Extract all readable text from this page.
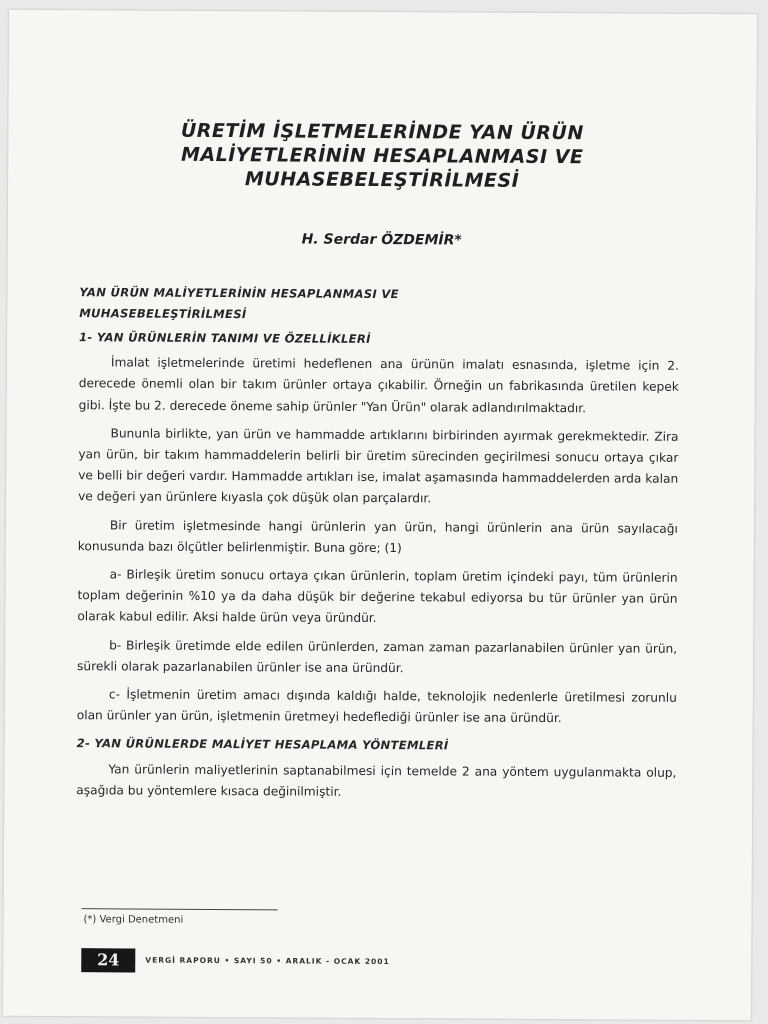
ÜRETİM İŞLETMELERİNDE YAN ÜRÜN
MALİYETLERİNİN HESAPLANMASI VE
MUHASEBELEŞTİRİLMESİ
H. Serdar ÖZDEMİR*
YAN ÜRÜN MALİYETLERİNİN HESAPLANMASI VE
MUHASEBELEŞTİRİLMESİ
1- YAN ÜRÜNLERİN TANIMI VE ÖZELLİKLERİ

İmalat işletmelerinde üretimi hedeflenen ana ürünün imalatı esnasında, işletme için 2. derecede önemli olan bir takım ürünler ortaya çıkabilir. Örneğin un fabrikasında üretilen kepek gibi. İşte bu 2. derecede öneme sahip ürünler "Yan Ürün" olarak adlandırılmaktadır.

Bununla birlikte, yan ürün ve hammadde artıklarını birbirinden ayırmak gerekmektedir. Zira yan ürün, bir takım hammaddelerin belirli bir üretim sürecinden geçirilmesi sonucu ortaya çıkar ve belli bir değeri vardır. Hammadde artıkları ise, imalat aşamasında hammaddelerden arda kalan ve değeri yan ürünlere kıyasla çok düşük olan parçalardır.

Bir üretim işletmesinde hangi ürünlerin yan ürün, hangi ürünlerin ana ürün sayılacağı konusunda bazı ölçütler belirlenmiştir. Buna göre; (1)

a- Birleşik üretim sonucu ortaya çıkan ürünlerin, toplam üretim içindeki payı, tüm ürünlerin toplam değerinin %10 ya da daha düşük bir değerine tekabul ediyorsa bu tür ürünler yan ürün olarak kabul edilir. Aksi halde ürün veya üründür.

b- Birleşik üretimde elde edilen ürünlerden, zaman zaman pazarlanabilen ürünler yan ürün, sürekli olarak pazarlanabilen ürünler ise ana üründür.

c- İşletmenin üretim amacı dışında kaldığı halde, teknolojik nedenlerle üretilmesi zorunlu olan ürünler yan ürün, işletmenin üretmeyi hedeflediği ürünler ise ana üründür.

2- YAN ÜRÜNLERDE MALİYET HESAPLAMA YÖNTEMLERİ

Yan ürünlerin maliyetlerinin saptanabilmesi için temelde 2 ana yöntem uygulanmakta olup, aşağıda bu yöntemlere kısaca değinilmiştir.

(*) Vergi Denetmeni
24	VERGİ RAPORU • SAYI 50 • ARALIK - OCAK 2001
